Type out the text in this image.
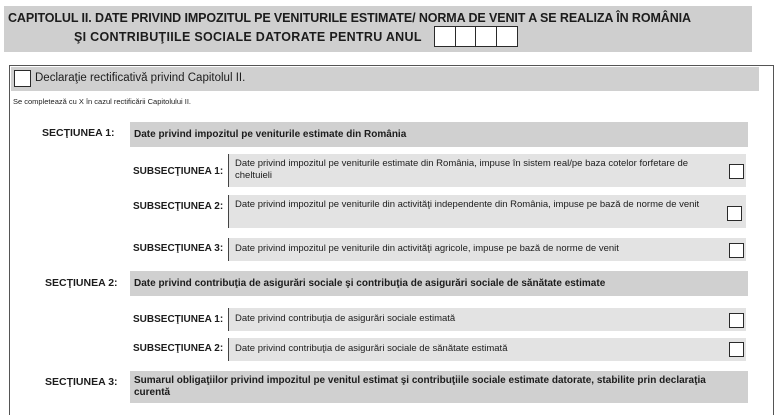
CAPITOLUL II. DATE PRIVIND IMPOZITUL PE VENITURILE ESTIMATE/ NORMA DE VENIT A SE REALIZA ÎN ROMÂNIA
ŞI CONTRIBUŢIILE SOCIALE DATORATE PENTRU ANUL
Declaraţie rectificativă privind Capitolul II.
Se completează cu X în cazul rectificării Capitolului II.
SECŢIUNEA 1:	Date privind impozitul pe veniturile estimate din România
SUBSECŢIUNEA 1:
Date privind impozitul pe veniturile estimate din România, impuse în sistem real/pe baza cotelor forfetare de cheltuieli
SUBSECŢIUNEA 2: Date privind impozitul pe veniturile din activităţi independente din România, impuse pe bază de norme de venit
SUBSECŢIUNEA 3: Date privind impozitul pe veniturile din activităţi agricole, impuse pe bază de norme de venit
SECŢIUNEA 2:	Date privind contribuţia de asigurări sociale şi contribuţia de asigurări sociale de sănătate estimate
SUBSECŢIUNEA 1: Date privind contribuţia de asigurări sociale estimată
SUBSECŢIUNEA 2: Date privind contribuţia de asigurări sociale de sănătate estimată
SECŢIUNEA 3:	Sumarul obligaţiilor privind impozitul pe venitul estimat şi contribuţiile sociale estimate datorate, stabilite prin declaraţia curentă
